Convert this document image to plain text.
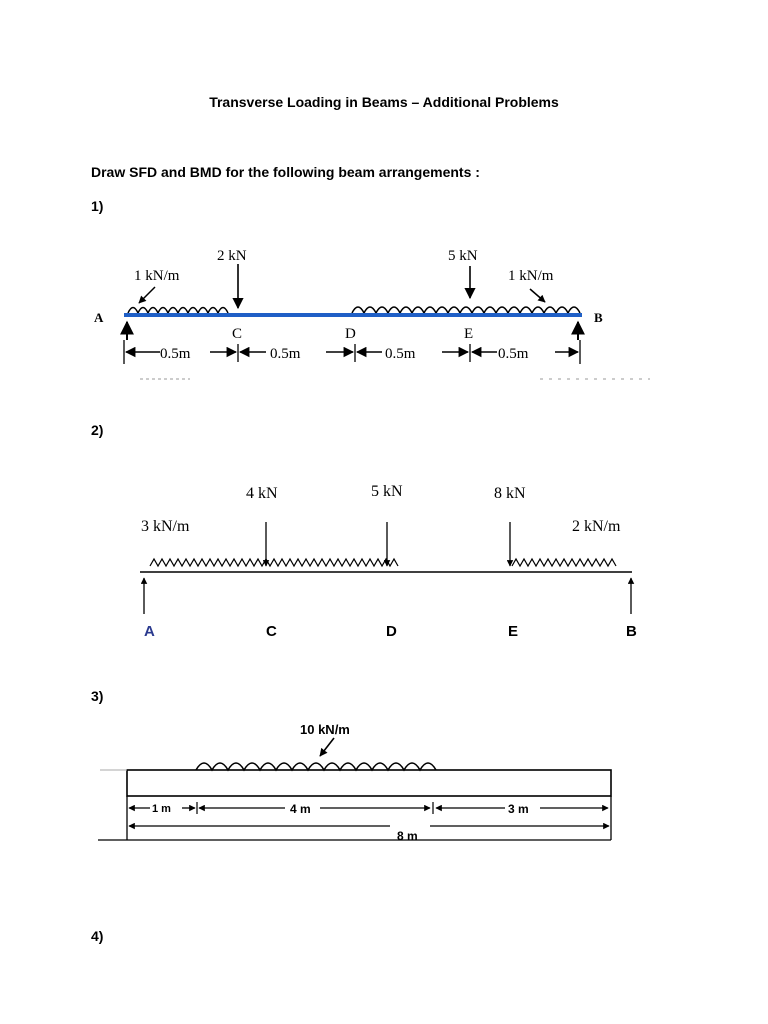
Transverse Loading in Beams – Additional Problems
Draw SFD and BMD for the following beam arrangements :
1)
2)
3)
4)
2 kN	5 kN
1 kN/m	1 kN/m
A
C	D	E
B
0.5m	0.5m	0.5m	0.5m
4 kN	5 kN	8 kN
3 kN/m	2 kN/m
A	C	D	E	B
10 kN/m
1 m	4 m	3 m
8 m
